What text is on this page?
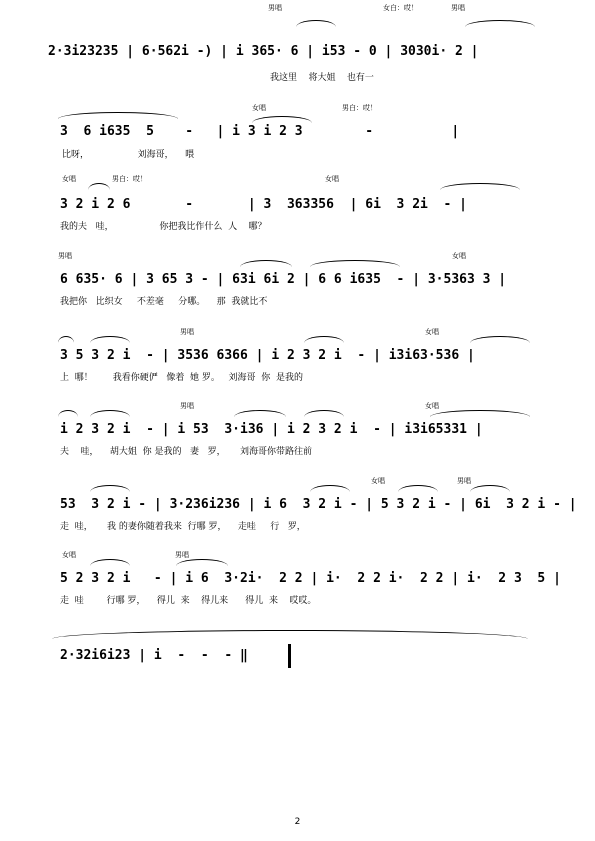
男唱	女白：哎！	男唱
2·3i23235 | 6·562i -) | i 365· 6 | i53 - 0 | 3030i· 2 |
我这里    将大姐    也有一
女唱	男白：哎！
3  6 i635  5    -   | i 3 i 2 3        -          |
比呀，                 刘海哥，    喂
女唱	男白：哎！	女唱
3 2 i 2 6       -       | 3  363356  | 6i  3 2i  - |
我的夫   哇，                你把我比作什么  人    哪？
男唱	女唱
6 635· 6 | 3 65 3 - | 63i 6i 2 | 6 6 i635  - | 3·5363 3 |
我把你   比织女     不差毫     分哪。    那  我就比不
男唱	女唱
3 5 3 2 i  - | 3536 6366 | i 2 3 2 i  - | i3i63·536 |
上  哪！       我看你硬俨   像着  她 罗。   刘海哥  你  是我的
男唱	女唱
i 2 3 2 i  - | i 53  3·i36 | i 2 3 2 i  - | i3i65331 |
夫    哇，    胡大姐  你 是我的   妻   罗，     刘海哥你带路往前
女唱	男唱
53  3 2 i - | 3·236i236 | i 6  3 2 i - | 5 3 2 i - | 6i  3 2 i - |
走  哇，     我 的妻你随着我来  行哪 罗，    走哇     行   罗，
女唱	男唱
5 2 3 2 i   - | i 6  3·2i·  2 2 | i·  2 2 i·  2 2 | i·  2 3  5 |
走  哇        行哪 罗，    得儿  来    得儿来      得儿  来    哎哎。
2·32i6i23 | i  -  -  - ‖
2
